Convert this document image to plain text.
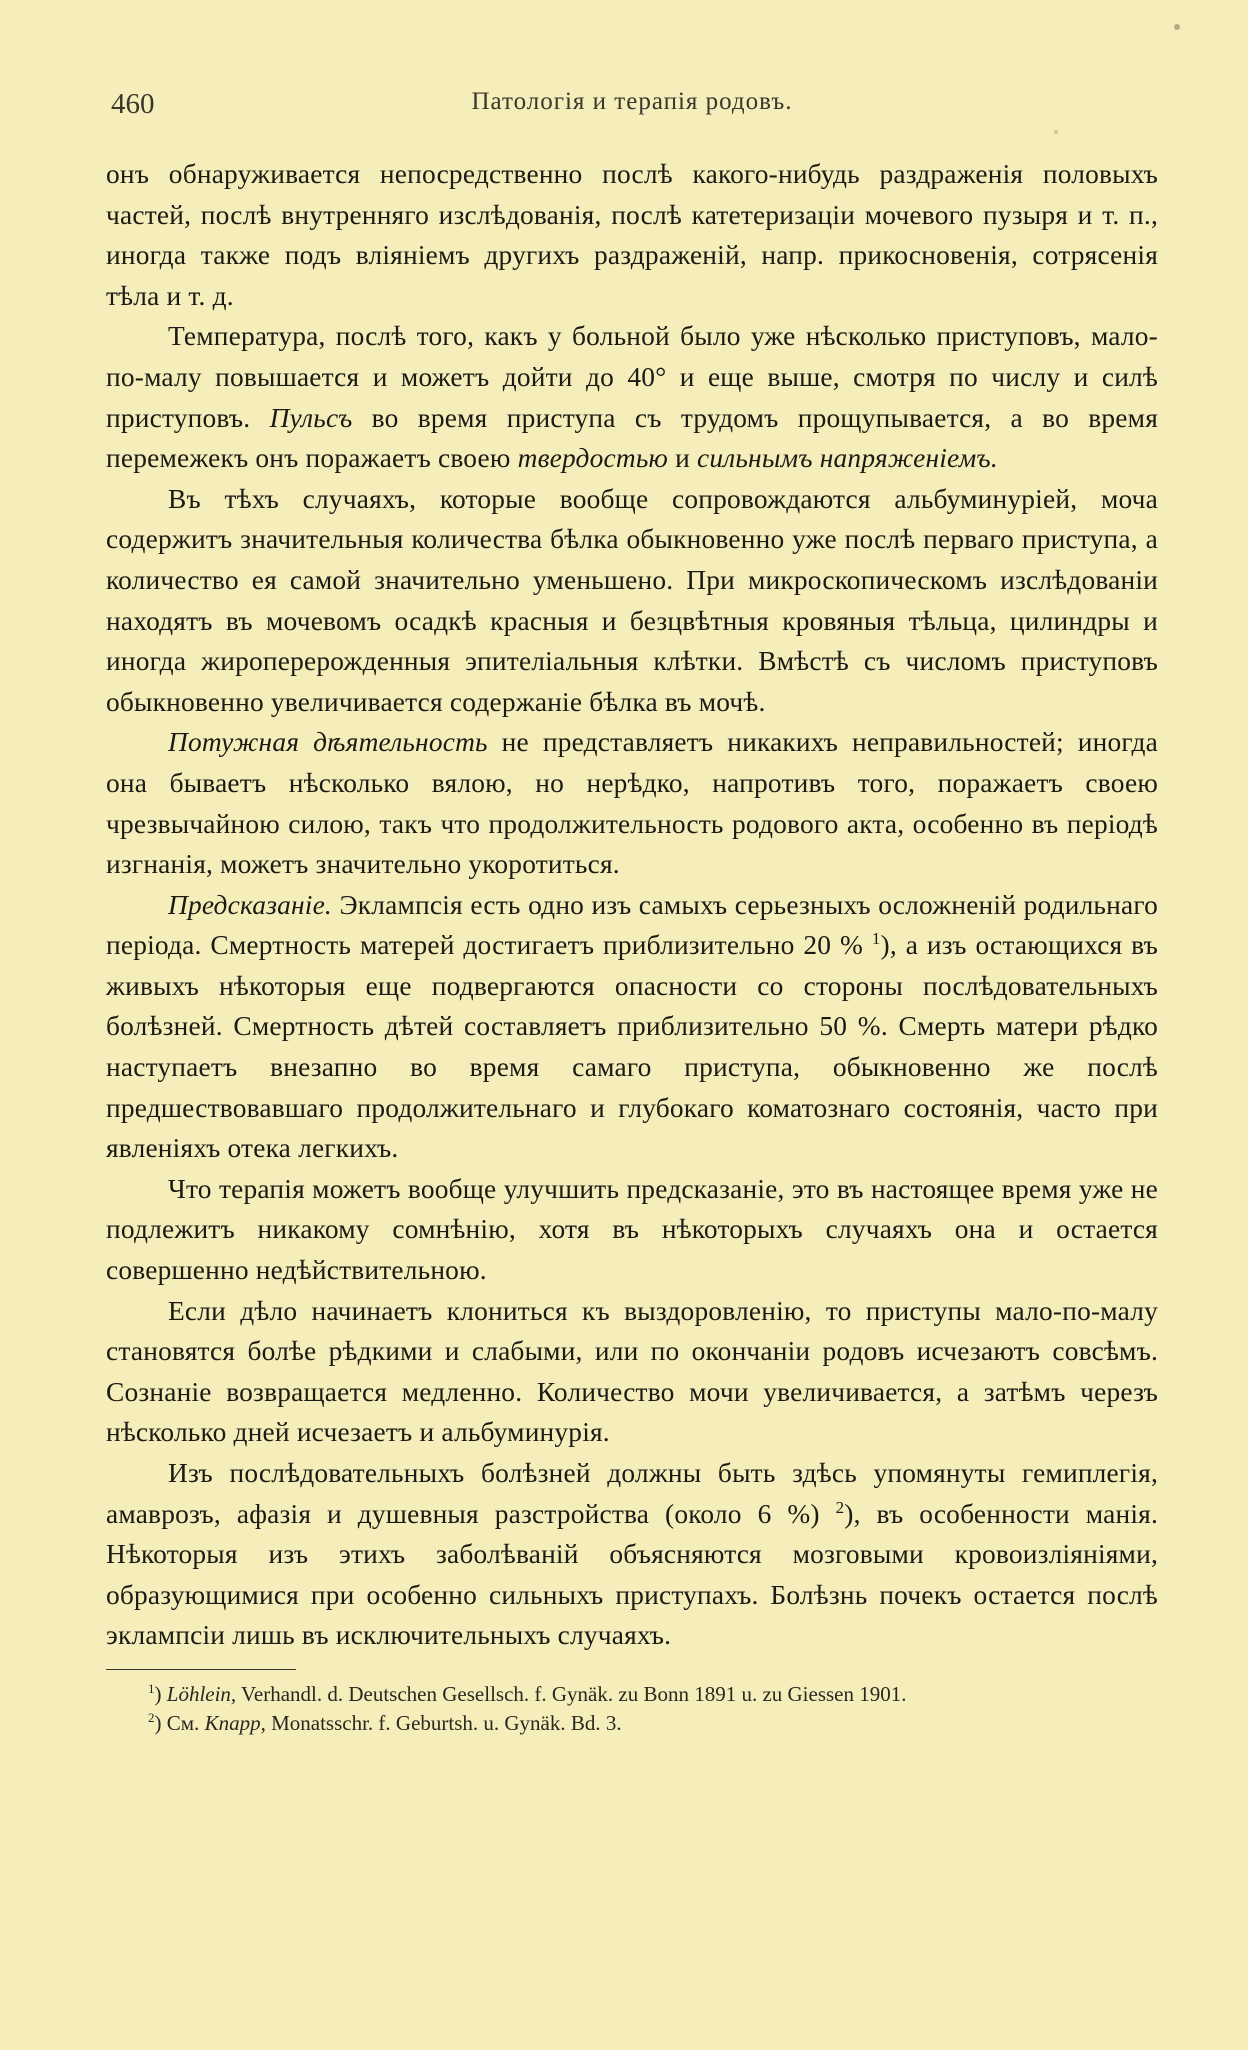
460	Патологія и терапія родовъ.

онъ обнаруживается непосредственно послѣ какого-нибудь раздраженія половыхъ частей, послѣ внутренняго изслѣдованія, послѣ катетеризаціи мочевого пузыря и т. п., иногда также подъ вліяніемъ другихъ раздраженій, напр. прикосновенія, сотрясенія тѣла и т. д.

Температура, послѣ того, какъ у больной было уже нѣсколько приступовъ, мало-по-малу повышается и можетъ дойти до 40° и еще выше, смотря по числу и силѣ приступовъ. Пульсъ во время приступа съ трудомъ прощупывается, а во время перемежекъ онъ поражаетъ своею твердостью и сильнымъ напряженіемъ.

Въ тѣхъ случаяхъ, которые вообще сопровождаются альбуминуріей, моча содержитъ значительныя количества бѣлка обыкновенно уже послѣ перваго приступа, а количество ея самой значительно уменьшено. При микроскопическомъ изслѣдованіи находятъ въ мочевомъ осадкѣ красныя и безцвѣтныя кровяныя тѣльца, цилиндры и иногда жироперерожденныя эпителіальныя клѣтки. Вмѣстѣ съ числомъ приступовъ обыкновенно увеличивается содержаніе бѣлка въ мочѣ.

Потужная дѣятельность не представляетъ никакихъ неправильностей; иногда она бываетъ нѣсколько вялою, но нерѣдко, напротивъ того, поражаетъ своею чрезвычайною силою, такъ что продолжительность родового акта, особенно въ періодѣ изгнанія, можетъ значительно укоротиться.

Предсказаніе. Эклампсія есть одно изъ самыхъ серьезныхъ осложненій родильнаго періода. Смертность матерей достигаетъ приблизительно 20 % $^1$), а изъ остающихся въ живыхъ нѣкоторыя еще подвергаются опасности со стороны послѣдовательныхъ болѣзней. Смертность дѣтей составляетъ приблизительно 50 %. Смерть матери рѣдко наступаетъ внезапно во время самаго приступа, обыкновенно же послѣ предшествовавшаго продолжительнаго и глубокаго коматознаго состоянія, часто при явленіяхъ отека легкихъ.

Что терапія можетъ вообще улучшить предсказаніе, это въ настоящее время уже не подлежитъ никакому сомнѣнію, хотя въ нѣкоторыхъ случаяхъ она и остается совершенно недѣйствительною.

Если дѣло начинаетъ клониться къ выздоровленію, то приступы мало-по-малу становятся болѣе рѣдкими и слабыми, или по окончаніи родовъ исчезаютъ совсѣмъ. Сознаніе возвращается медленно. Количество мочи увеличивается, а затѣмъ черезъ нѣсколько дней исчезаетъ и альбуминурія.

Изъ послѣдовательныхъ болѣзней должны быть здѣсь упомянуты гемиплегія, амаврозъ, афазія и душевныя разстройства (около 6 %) $^2$), въ особенности манія. Нѣкоторыя изъ этихъ заболѣваній объясняются мозговыми кровоизліяніями, образующимися при особенно сильныхъ приступахъ. Болѣзнь почекъ остается послѣ эклампсіи лишь въ исключительныхъ случаяхъ.

$^1$) Löhlein, Verhandl. d. Deutschen Gesellsch. f. Gynäk. zu Bonn 1891 u. zu Giessen 1901.
$^2$) См. Knapp, Monatsschr. f. Geburtsh. u. Gynäk. Bd. 3.
